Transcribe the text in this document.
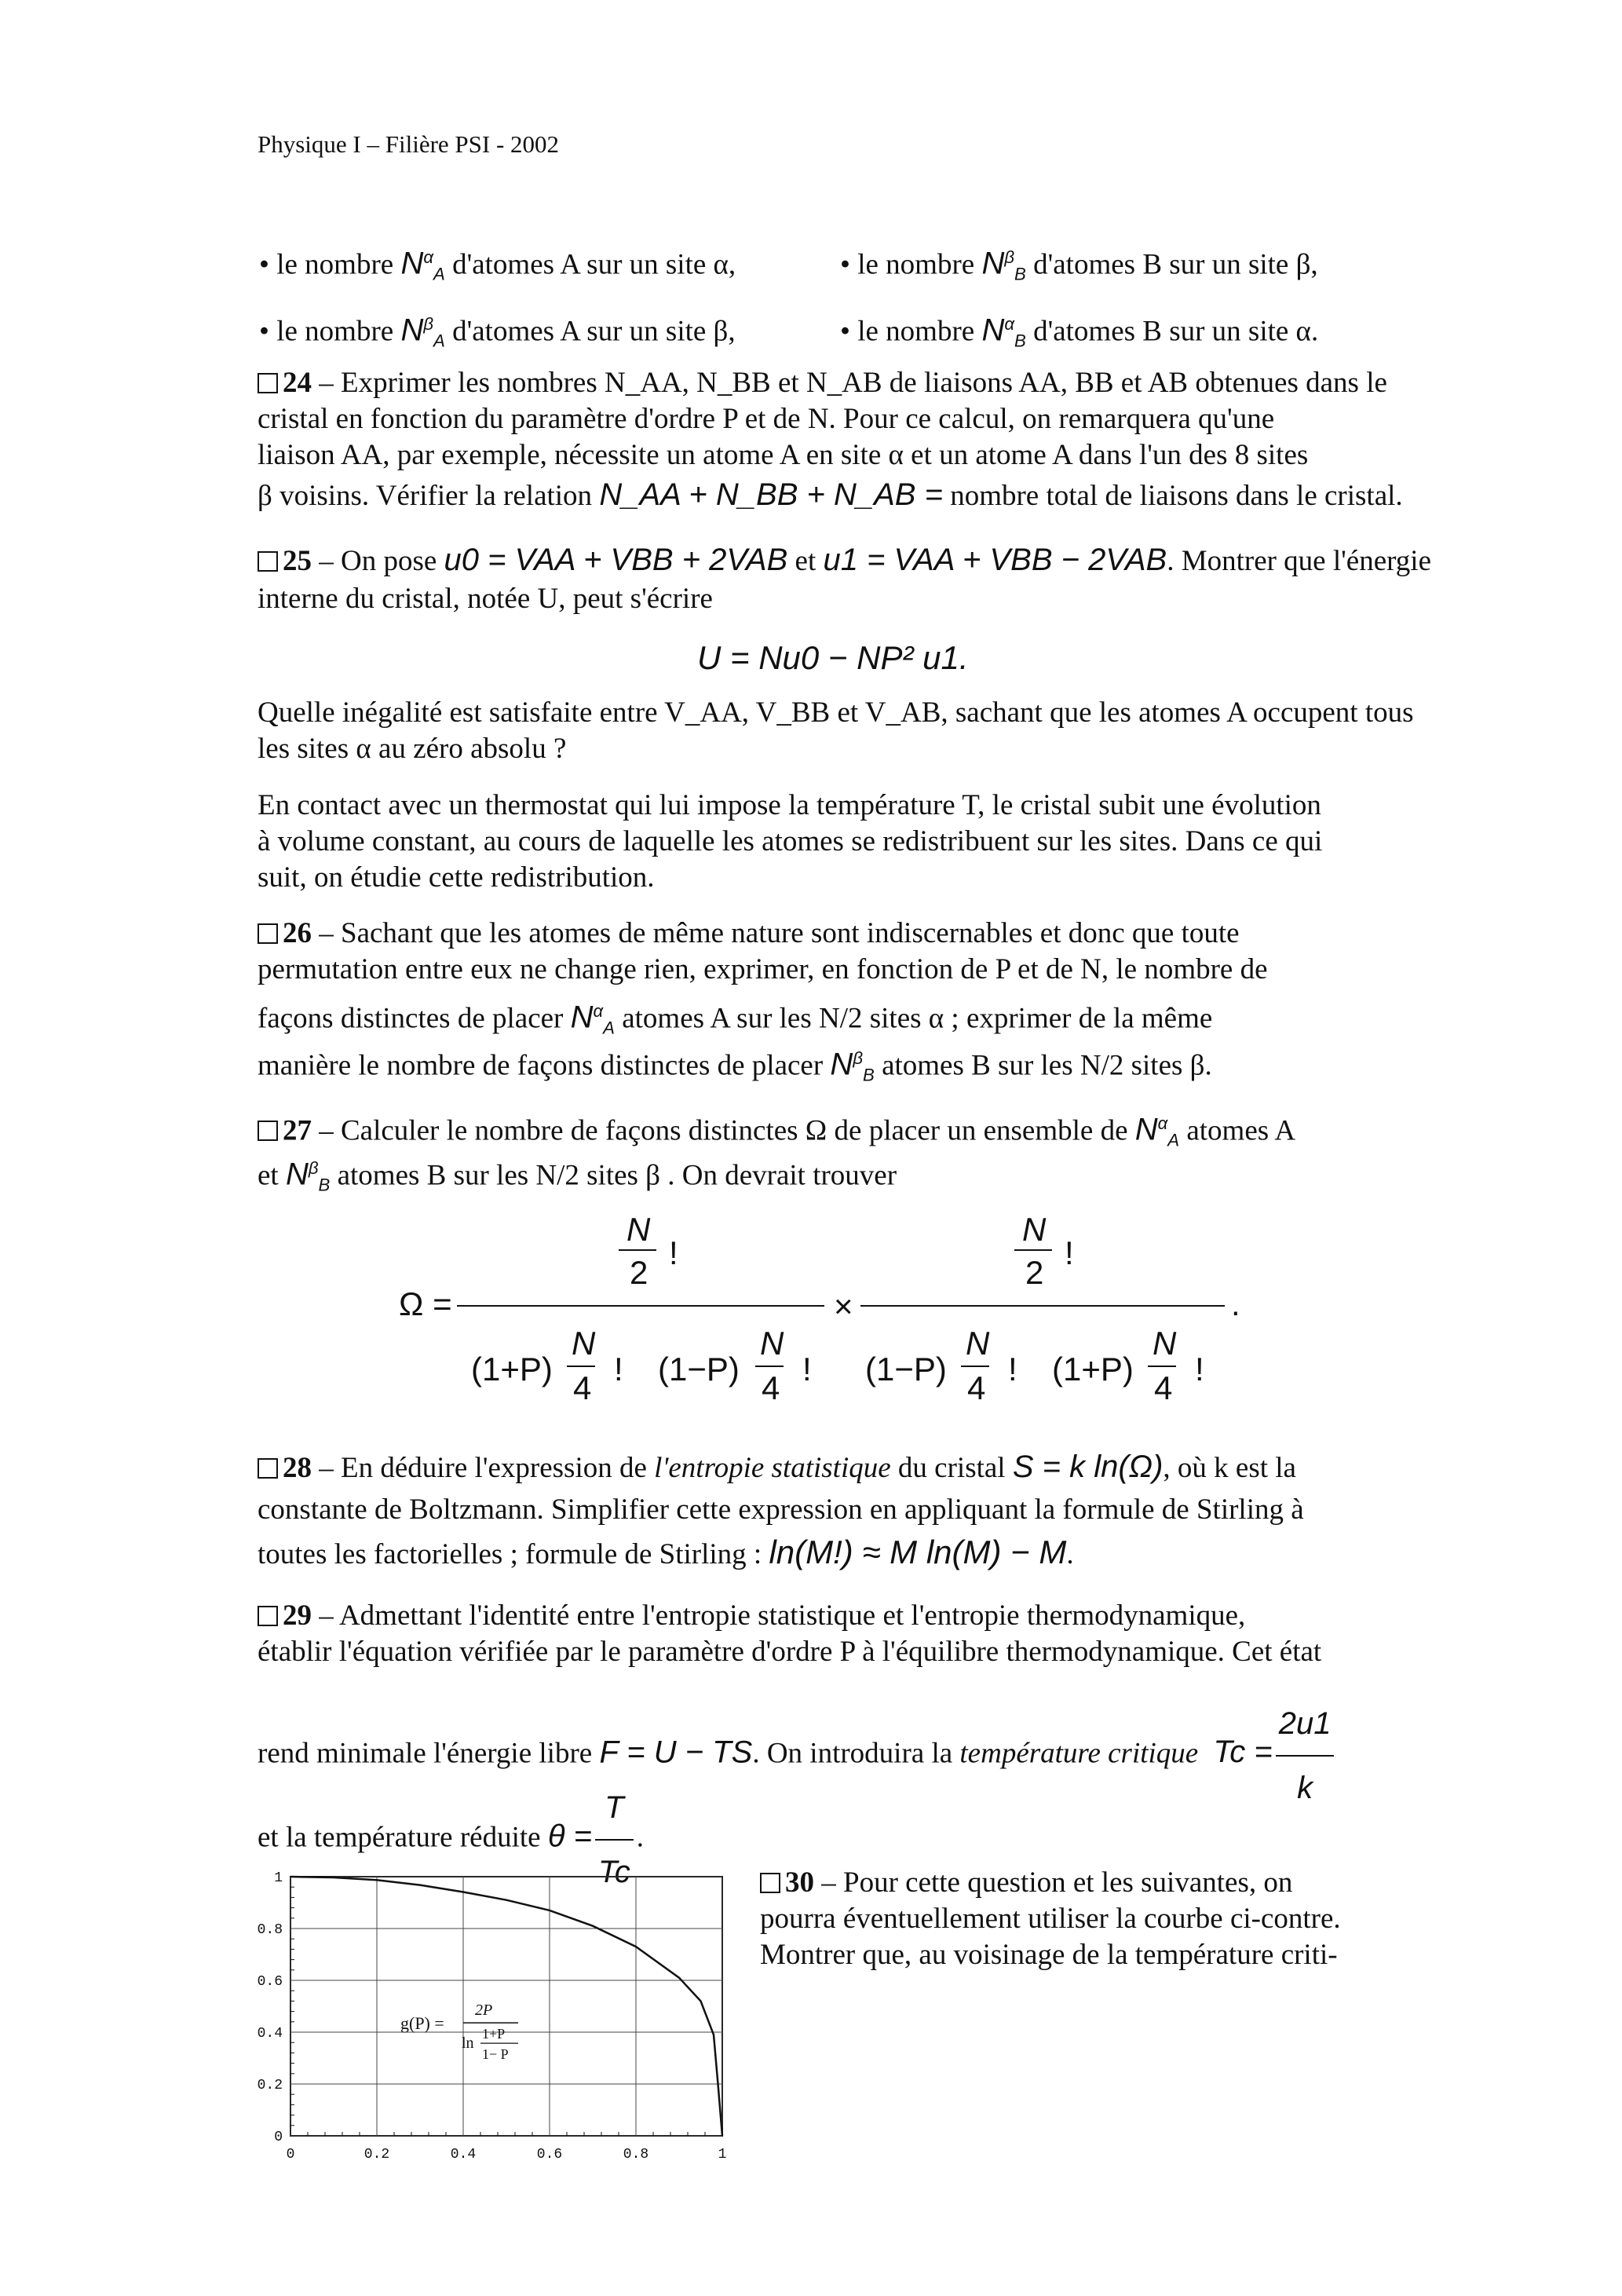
Physique I – Filière PSI - 2002
• le nombre $N^\alpha_A$ d'atomes A sur un site α,	• le nombre $N^\beta_B$ d'atomes B sur un site β,
• le nombre $N^\beta_A$ d'atomes A sur un site β,	• le nombre $N^\alpha_B$ d'atomes B sur un site α.
24 – Exprimer les nombres N_AA, N_BB et N_AB de liaisons AA, BB et AB obtenues dans le
cristal en fonction du paramètre d'ordre P et de N. Pour ce calcul, on remarquera qu'une
liaison AA, par exemple, nécessite un atome A en site α et un atome A dans l'un des 8 sites
β voisins. Vérifier la relation N_AA + N_BB + N_AB = nombre total de liaisons dans le cristal.
25 – On pose u0 = VAA + VBB + 2VAB et u1 = VAA + VBB − 2VAB. Montrer que l'énergie
interne du cristal, notée U, peut s'écrire
U = Nu0 − NP² u1.
Quelle inégalité est satisfaite entre V_AA, V_BB et V_AB, sachant que les atomes A occupent tous
les sites α au zéro absolu ?
En contact avec un thermostat qui lui impose la température T, le cristal subit une évolution
à volume constant, au cours de laquelle les atomes se redistribuent sur les sites. Dans ce qui
suit, on étudie cette redistribution.
26 – Sachant que les atomes de même nature sont indiscernables et donc que toute
permutation entre eux ne change rien, exprimer, en fonction de P et de N, le nombre de
façons distinctes de placer $N^\alpha_A$ atomes A sur les N/2 sites α ; exprimer de la même
manière le nombre de façons distinctes de placer $N^\beta_B$ atomes B sur les N/2 sites β.
27 – Calculer le nombre de façons distinctes Ω de placer un ensemble de $N^\alpha_A$ atomes A
et $N^\beta_B$ atomes B sur les N/2 sites β . On devrait trouver
Ω =
N
2
!
(1+P)
N
4
! (1−P)
N
4
!
×
N
2
!
(1−P)
N
4
! (1+P)
N
4
!
.
28 – En déduire l'expression de l'entropie statistique du cristal S = k ln(Ω), où k est la
constante de Boltzmann. Simplifier cette expression en appliquant la formule de Stirling à
toutes les factorielles ; formule de Stirling : ln(M!) ≈ M ln(M) − M.
29 – Admettant l'identité entre l'entropie statistique et l'entropie thermodynamique,
établir l'équation vérifiée par le paramètre d'ordre P à l'équilibre thermodynamique. Cet état
rend minimale l'énergie libre F = U − TS. On introduira la température critique $Tc = \frac{2u1}{k}$
et la température réduite $\theta = \frac{T}{Tc}$ .
0	0.2	0.4	0.6	0.8	1
0
0.2
0.4
0.6
0.8
1
g(P) =
2P
ln
1+P
1− P
30 – Pour cette question et les suivantes, on
pourra éventuellement utiliser la courbe ci-contre.
Montrer que, au voisinage de la température criti-
